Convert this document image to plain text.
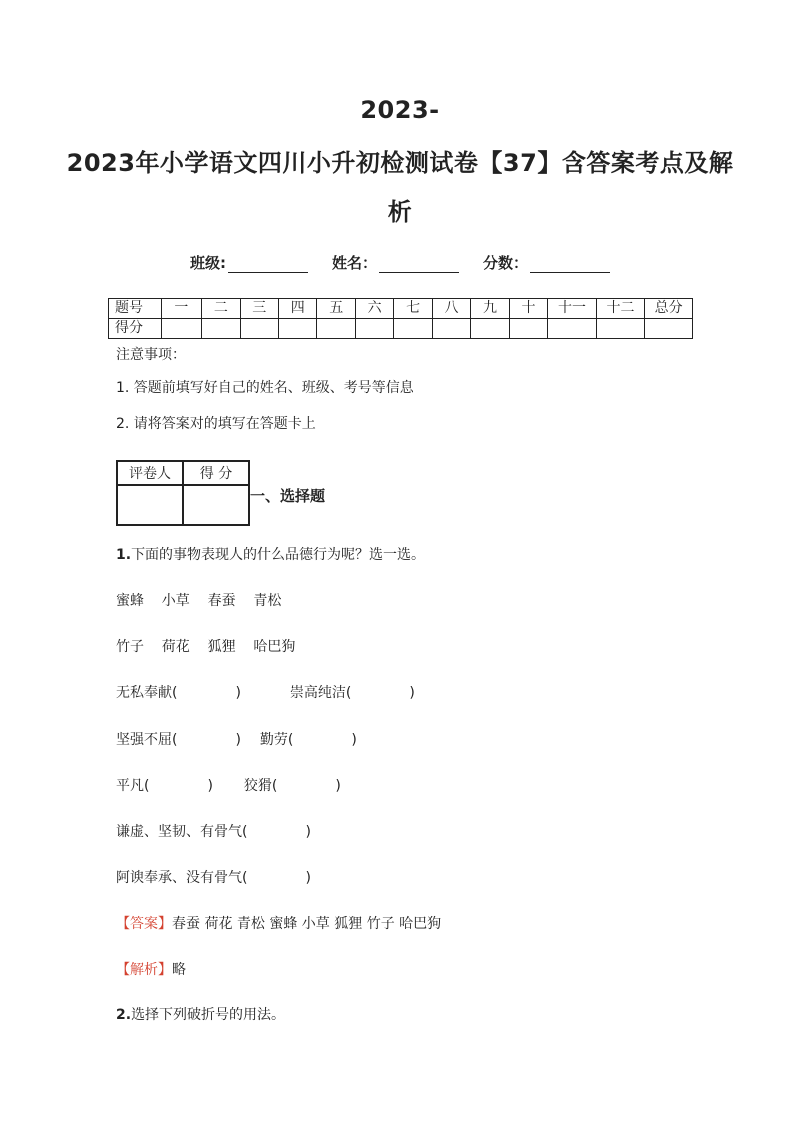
2023-
2023年小学语文四川小升初检测试卷【37】含答案考点及解
析
班级:	姓名：	分数：
题号	一	二	三	四	五	六	七	八	九	十	十一	十二	总分
得分													
注意事项：
1. 答题前填写好自己的姓名、班级、考号等信息
2. 请将答案对的填写在答题卡上
评卷人	得 分

一、选择题
1.下面的事物表现人的什么品德行为呢？选一选。
蜜蜂    小草    春蚕    青松
竹子    荷花    狐狸    哈巴狗
无私奉献(	)	崇高纯洁(	)
坚强不屈(	) 勤劳(	)
平凡(	) 狡猾(	)
谦虚、坚韧、有骨气(	)
阿谀奉承、没有骨气(	)
【答案】春蚕 荷花 青松 蜜蜂 小草 狐狸 竹子 哈巴狗
【解析】略
2.选择下列破折号的用法。
